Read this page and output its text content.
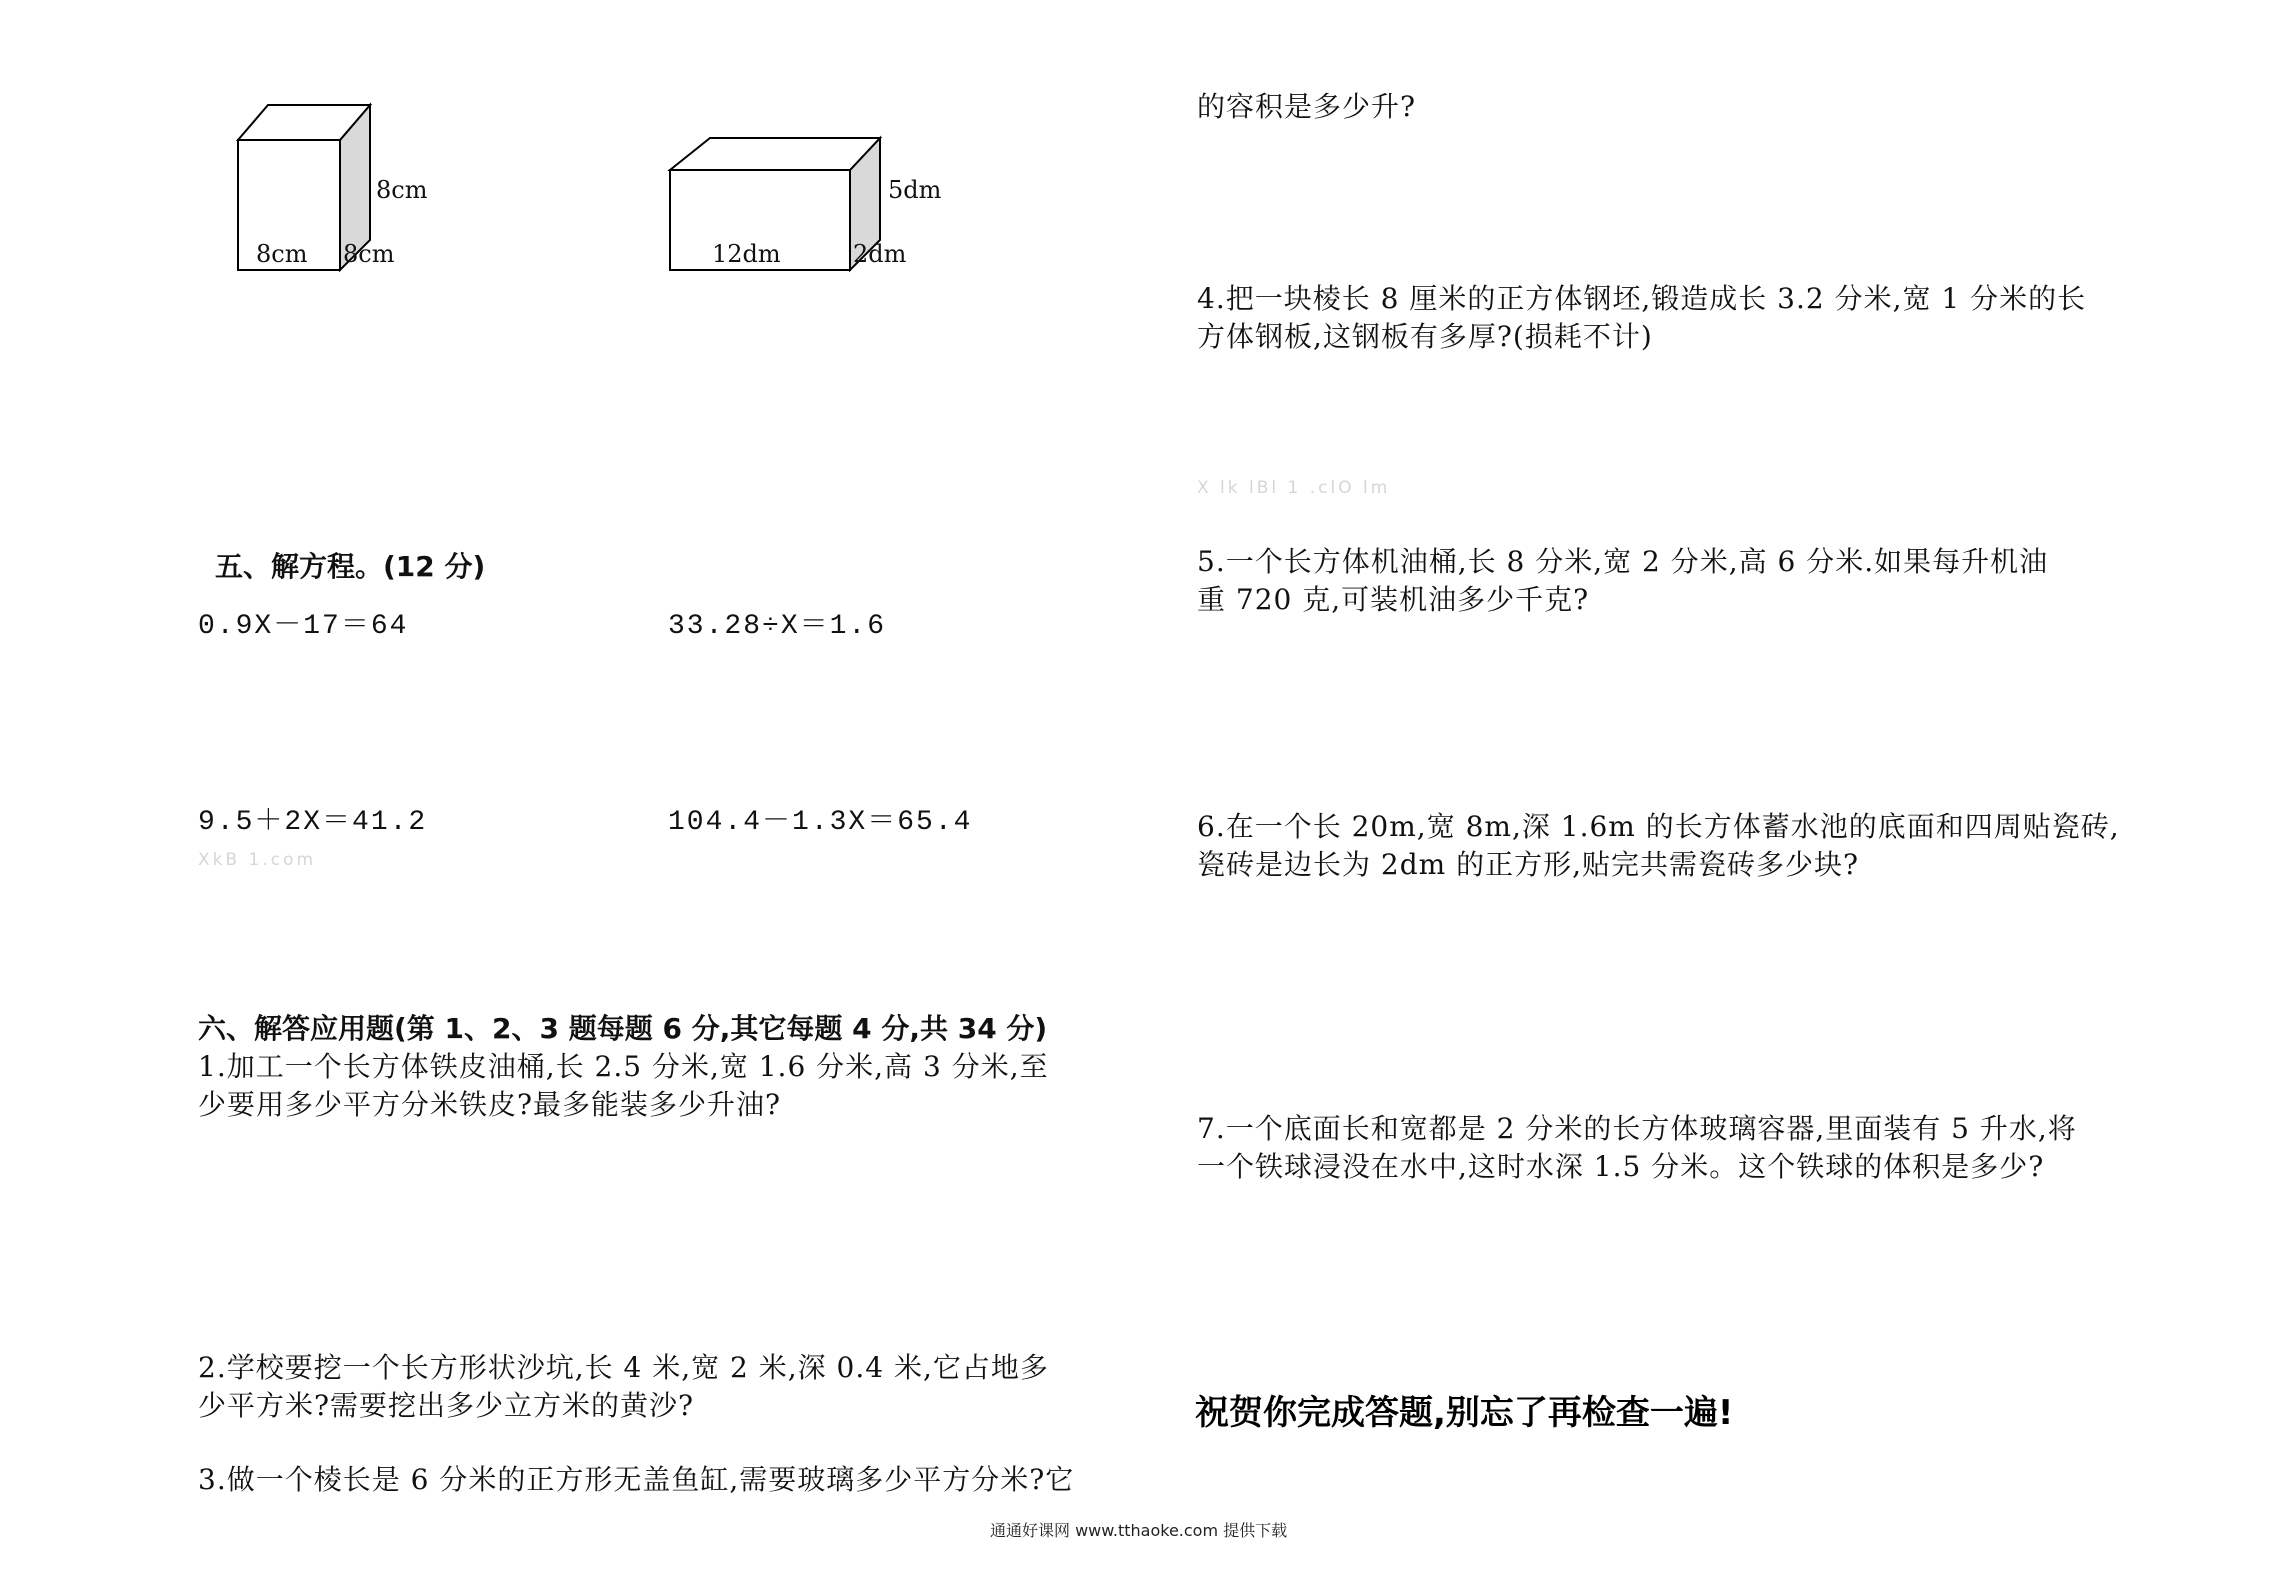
8cm
8cm 8cm
5dm
12dm	2dm
五、解方程。(12 分)
0.9X－17＝64	33.28÷X＝1.6
9.5＋2X＝41.2	104.4－1.3X＝65.4
XkB 1.com
六、解答应用题(第 1、2、3 题每题 6 分,其它每题 4 分,共 34 分)
1.加工一个长方体铁皮油桶,长 2.5 分米,宽 1.6 分米,高 3 分米,至
少要用多少平方分米铁皮?最多能装多少升油?
2.学校要挖一个长方形状沙坑,长 4 米,宽 2 米,深 0.4 米,它占地多
少平方米?需要挖出多少立方米的黄沙?
3.做一个棱长是 6 分米的正方形无盖鱼缸,需要玻璃多少平方分米?它
的容积是多少升?
4.把一块棱长 8 厘米的正方体钢坯,锻造成长 3.2 分米,宽 1 分米的长
方体钢板,这钢板有多厚?(损耗不计)
X lk lBl 1 .clO lm
5.一个长方体机油桶,长 8 分米,宽 2 分米,高 6 分米.如果每升机油
重 720 克,可装机油多少千克?
6.在一个长 20m,宽 8m,深 1.6m 的长方体蓄水池的底面和四周贴瓷砖,
瓷砖是边长为 2dm 的正方形,贴完共需瓷砖多少块?
7.一个底面长和宽都是 2 分米的长方体玻璃容器,里面装有 5 升水,将
一个铁球浸没在水中,这时水深 1.5 分米。这个铁球的体积是多少?
祝贺你完成答题,别忘了再检查一遍!
通通好课网 www.tthaoke.com 提供下载
